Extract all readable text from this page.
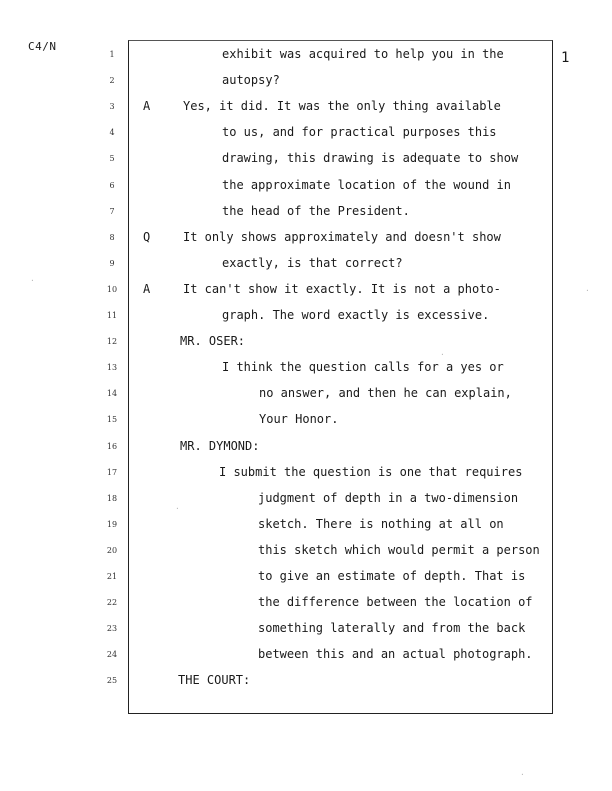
C4/N
1
1	exhibit was acquired to help you in the
2	autopsy?
3	A	Yes, it did. It was the only thing available
4	to us, and for practical purposes this
5	drawing, this drawing is adequate to show
6	the approximate location of the wound in
7	the head of the President.
8	Q	It only shows approximately and doesn't show
9	exactly, is that correct?
10	A	It can't show it exactly. It is not a photo-
11	graph. The word exactly is excessive.
12	MR. OSER:
13	I think the question calls for a yes or
14	no answer, and then he can explain,
15	Your Honor.
16	MR. DYMOND:
17	I submit the question is one that requires
18	judgment of depth in a two-dimension
19	sketch. There is nothing at all on
20	this sketch which would permit a person
21	to give an estimate of depth. That is
22	the difference between the location of
23	something laterally and from the back
24	between this and an actual photograph.
25	THE COURT:
·
·
·
·
·
